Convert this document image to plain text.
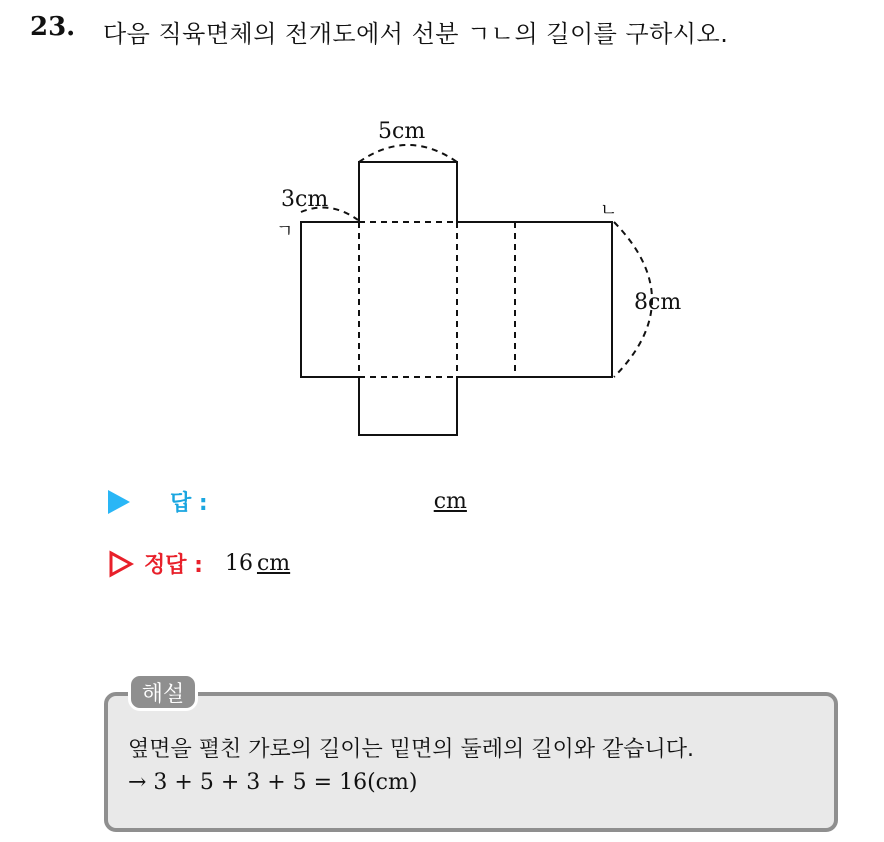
23. 다음 직육면체의 전개도에서 선분 ㄱㄴ의 길이를 구하시오.
5cm
3cm
8cm
ㄱ
ㄴ
답 :	cm
정답 : 16 cm
해설
옆면을 펼친 가로의 길이는 밑면의 둘레의 길이와 같습니다.
→ 3 + 5 + 3 + 5 = 16(cm)
